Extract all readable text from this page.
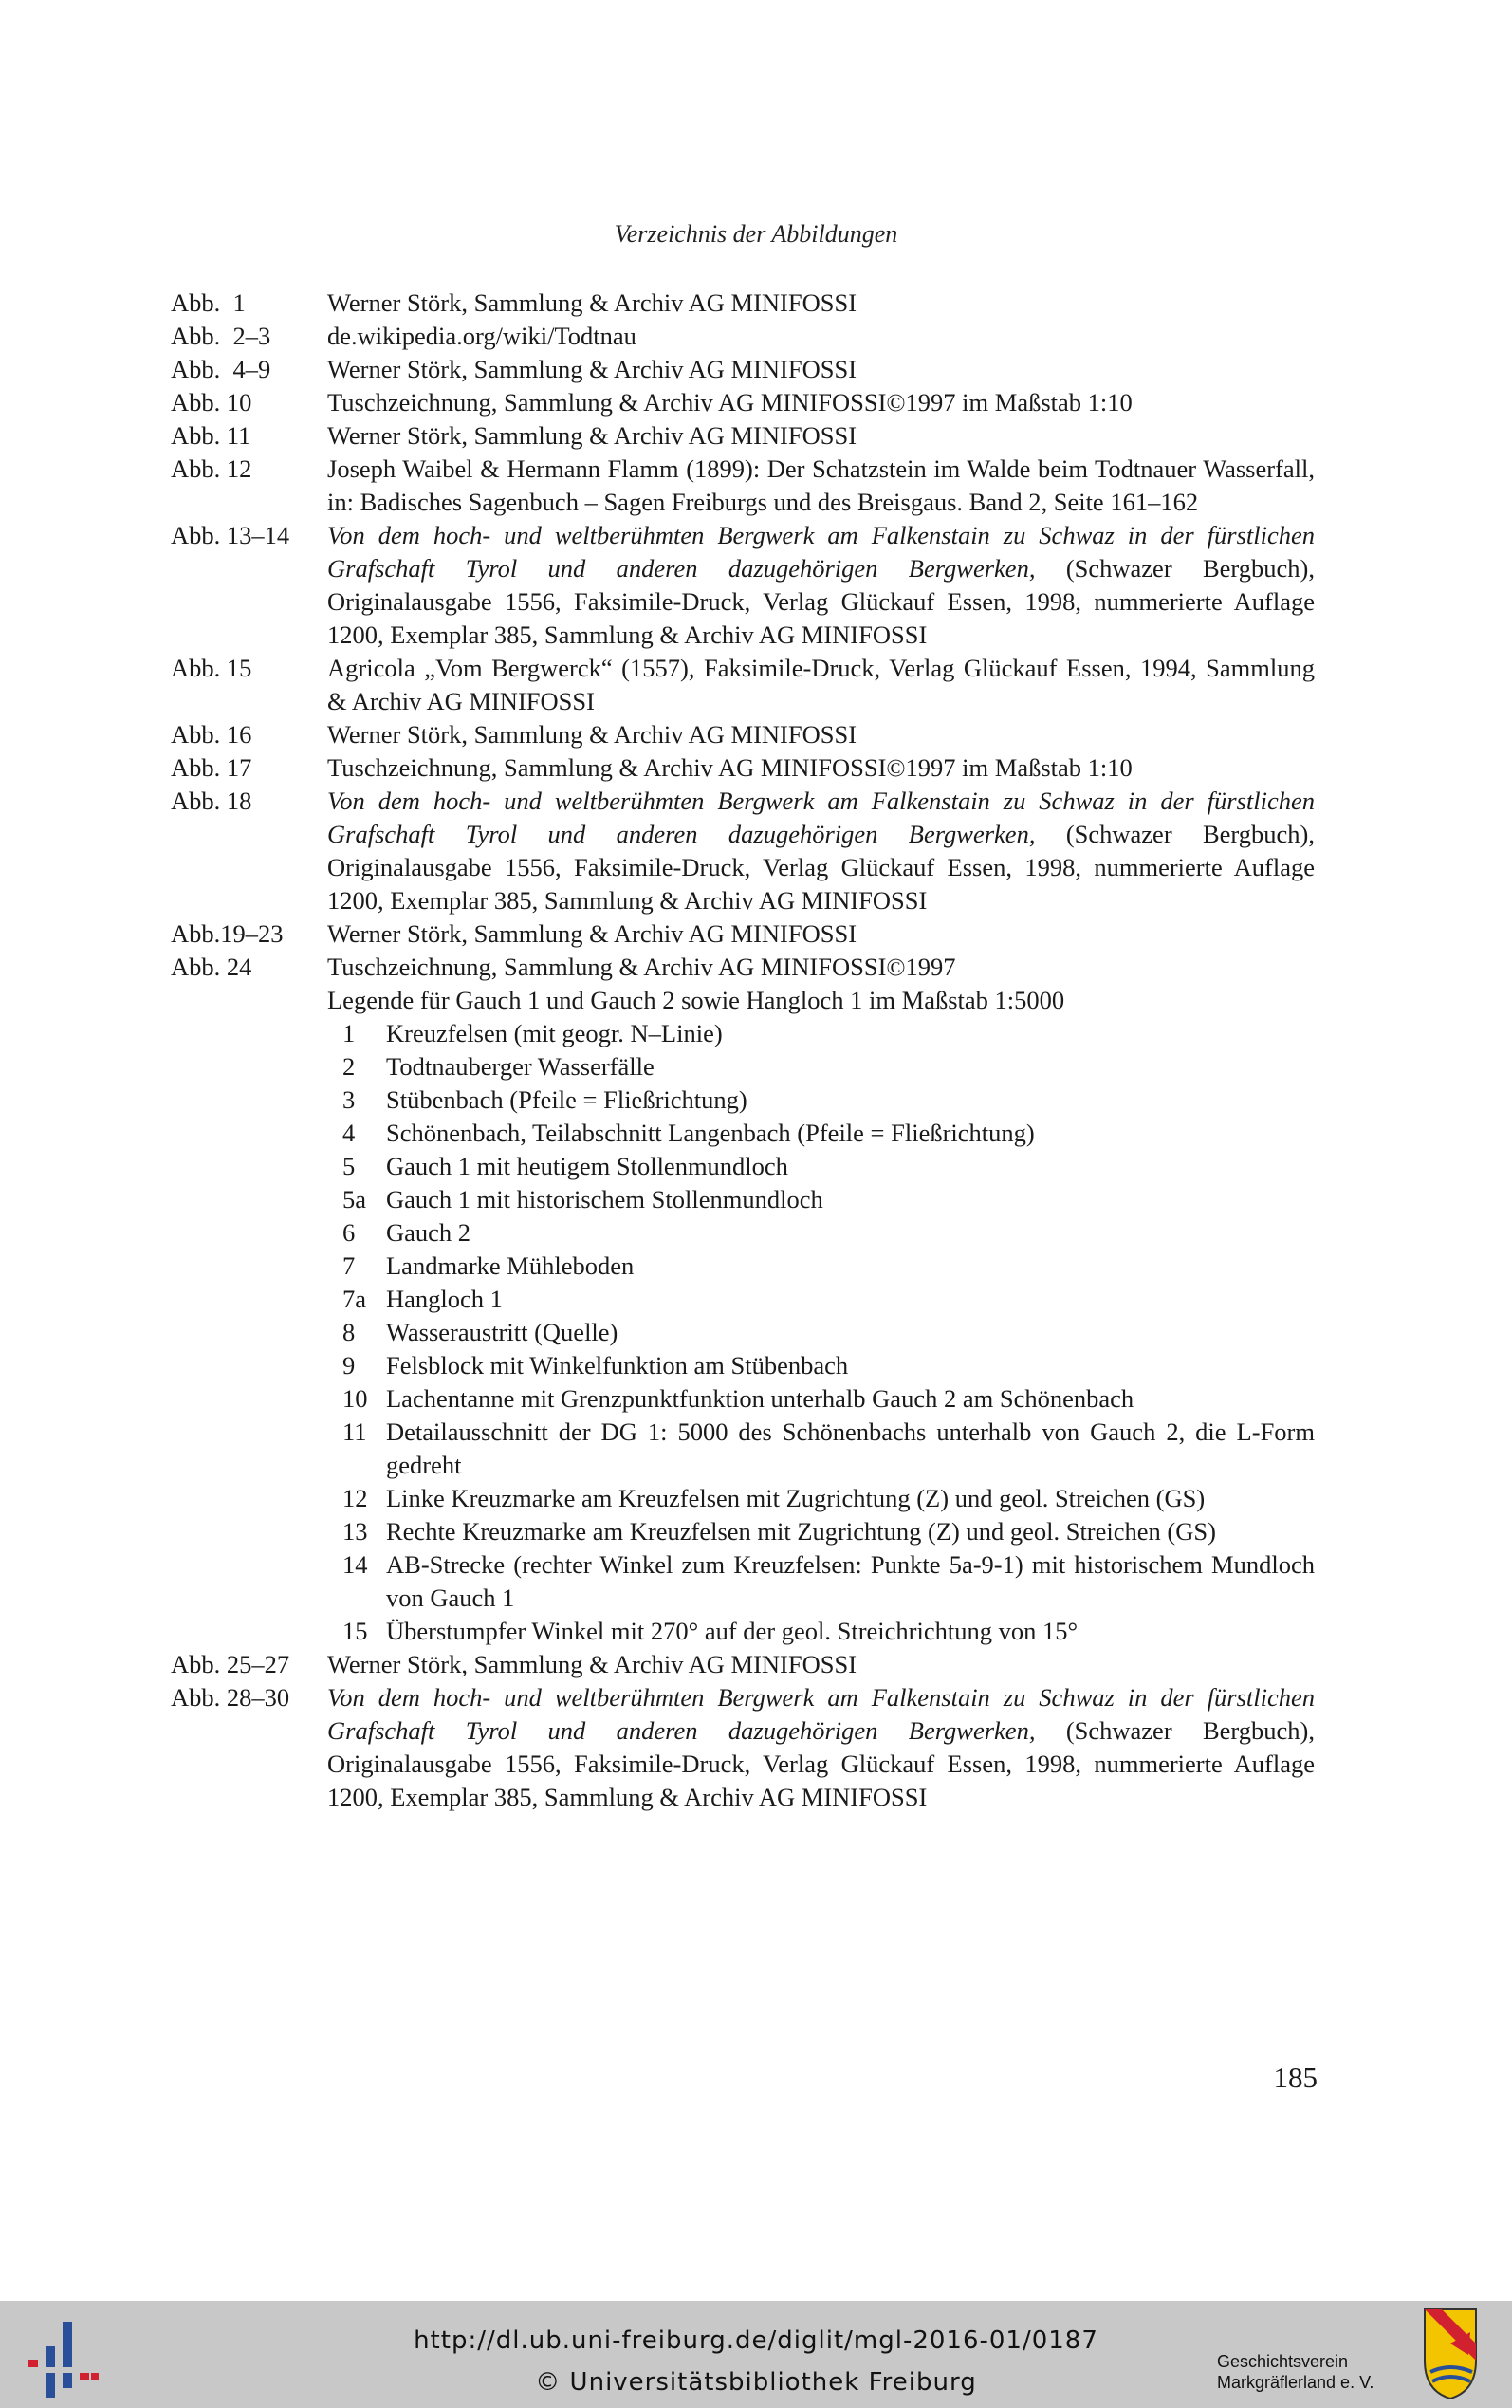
Verzeichnis der Abbildungen
Abb.  1	Werner Störk, Sammlung & Archiv AG MINIFOSSI
Abb.  2–3	de.wikipedia.org/wiki/Todtnau
Abb.  4–9	Werner Störk, Sammlung & Archiv AG MINIFOSSI
Abb. 10	Tuschzeichnung, Sammlung & Archiv AG MINIFOSSI©1997 im Maßstab 1:10
Abb. 11	Werner Störk, Sammlung & Archiv AG MINIFOSSI
Abb. 12	Joseph Waibel & Hermann Flamm (1899): Der Schatzstein im Walde beim Todtnauer Wasserfall, in: Badisches Sagenbuch – Sagen Freiburgs und des Breisgaus. Band 2, Seite 161–162
Abb. 13–14	Von dem hoch- und weltberühmten Bergwerk am Falkenstain zu Schwaz in der fürstlichen Grafschaft Tyrol und anderen dazugehörigen Bergwerken, (Schwazer Bergbuch), Originalausgabe 1556, Faksimile-Druck, Verlag Glückauf Essen, 1998, nummerierte Auflage 1200, Exemplar 385, Sammlung & Archiv AG MINIFOSSI
Abb. 15	Agricola „Vom Bergwerck“ (1557), Faksimile-Druck, Verlag Glückauf Essen, 1994, Sammlung & Archiv AG MINIFOSSI
Abb. 16	Werner Störk, Sammlung & Archiv AG MINIFOSSI
Abb. 17	Tuschzeichnung, Sammlung & Archiv AG MINIFOSSI©1997 im Maßstab 1:10
Abb. 18	Von dem hoch- und weltberühmten Bergwerk am Falkenstain zu Schwaz in der fürstlichen Grafschaft Tyrol und anderen dazugehörigen Bergwerken, (Schwazer Bergbuch), Originalausgabe 1556, Faksimile-Druck, Verlag Glückauf Essen, 1998, nummerierte Auflage 1200, Exemplar 385, Sammlung & Archiv AG MINIFOSSI
Abb.19–23	Werner Störk, Sammlung & Archiv AG MINIFOSSI
Abb. 24	Tuschzeichnung, Sammlung & Archiv AG MINIFOSSI©1997
Legende für Gauch 1 und Gauch 2 sowie Hangloch 1 im Maßstab 1:5000
1	Kreuzfelsen (mit geogr. N–Linie)
2	Todtnauberger Wasserfälle
3	Stübenbach (Pfeile = Fließrichtung)
4	Schönenbach, Teilabschnitt Langenbach (Pfeile = Fließrichtung)
5	Gauch 1 mit heutigem Stollenmundloch
5a Gauch 1 mit historischem Stollenmundloch
6	Gauch 2
7	Landmarke Mühleboden
7a Hangloch 1
8	Wasseraustritt (Quelle)
9	Felsblock mit Winkelfunktion am Stübenbach
10 Lachentanne mit Grenzpunktfunktion unterhalb Gauch 2 am Schönenbach
11 Detailausschnitt der DG 1: 5000 des Schönenbachs unterhalb von Gauch 2, die L-Form gedreht
12 Linke Kreuzmarke am Kreuzfelsen mit Zugrichtung (Z) und geol. Streichen (GS)
13 Rechte Kreuzmarke am Kreuzfelsen mit Zugrichtung (Z) und geol. Streichen (GS)
14 AB-Strecke (rechter Winkel zum Kreuzfelsen: Punkte 5a-9-1) mit historischem Mundloch von Gauch 1
15 Überstumpfer Winkel mit 270° auf der geol. Streichrichtung von 15°
Abb. 25–27	Werner Störk, Sammlung & Archiv AG MINIFOSSI
Abb. 28–30	Von dem hoch- und weltberühmten Bergwerk am Falkenstain zu Schwaz in der fürstlichen Grafschaft Tyrol und anderen dazugehörigen Bergwerken, (Schwazer Bergbuch), Originalausgabe 1556, Faksimile-Druck, Verlag Glückauf Essen, 1998, nummerierte Auflage 1200, Exemplar 385, Sammlung & Archiv AG MINIFOSSI
185
http://dl.ub.uni-freiburg.de/diglit/mgl-2016-01/0187
© Universitätsbibliothek Freiburg
Geschichtsverein
Markgräflerland e. V.
